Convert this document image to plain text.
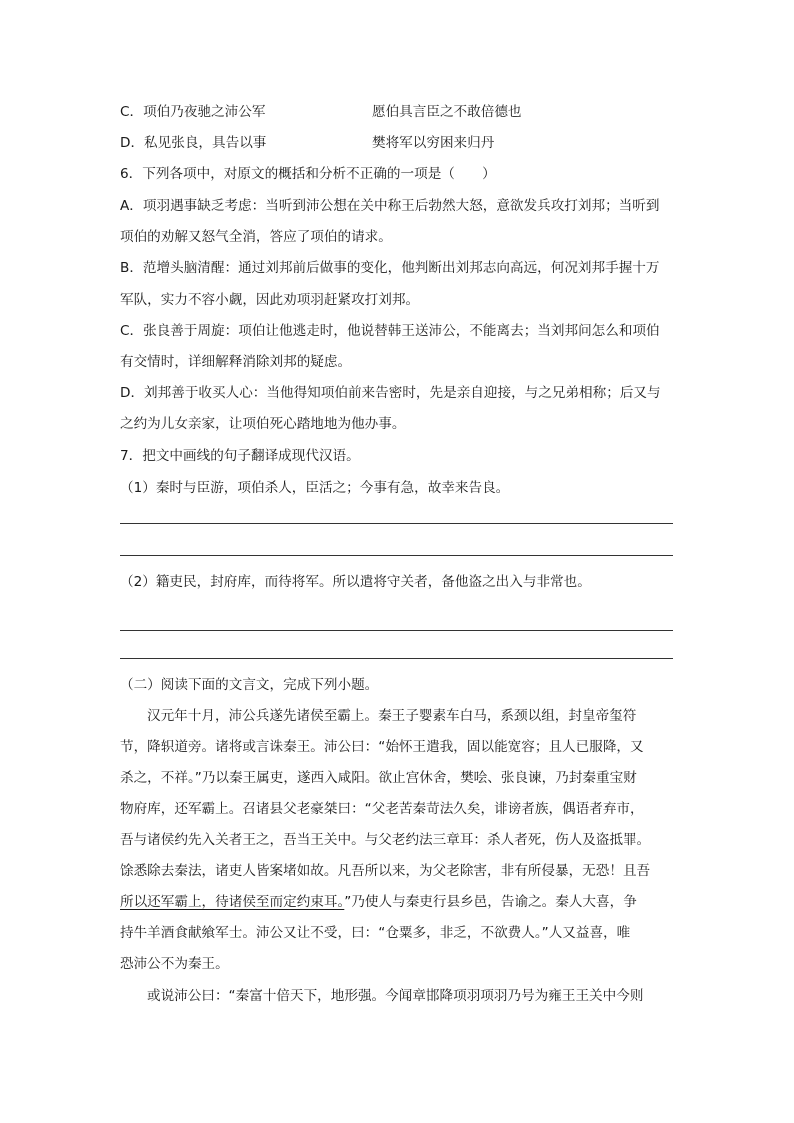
C．项伯乃夜驰之沛公军	愿伯具言臣之不敢倍德也
D．私见张良，具告以事	樊将军以穷困来归丹
6．下列各项中，对原文的概括和分析不正确的一项是（　　）
A．项羽遇事缺乏考虑：当听到沛公想在关中称王后勃然大怒，意欲发兵攻打刘邦；当听到
项伯的劝解又怒气全消，答应了项伯的请求。
B．范增头脑清醒：通过刘邦前后做事的变化，他判断出刘邦志向高远，何况刘邦手握十万
军队，实力不容小觑，因此劝项羽赶紧攻打刘邦。
C．张良善于周旋：项伯让他逃走时，他说替韩王送沛公，不能离去；当刘邦问怎么和项伯
有交情时，详细解释消除刘邦的疑虑。
D．刘邦善于收买人心：当他得知项伯前来告密时，先是亲自迎接，与之兄弟相称；后又与
之约为儿女亲家，让项伯死心踏地地为他办事。
7．把文中画线的句子翻译成现代汉语。
（1）秦时与臣游，项伯杀人，臣活之；今事有急，故幸来告良。
（2）籍吏民，封府库，而待将军。所以遣将守关者，备他盗之出入与非常也。
（二）阅读下面的文言文，完成下列小题。
汉元年十月，沛公兵遂先诸侯至霸上。秦王子婴素车白马，系颈以组，封皇帝玺符
节，降轵道旁。诸将或言诛秦王。沛公曰：“始怀王遣我，固以能宽容；且人已服降，又
杀之，不祥。”乃以秦王属吏，遂西入咸阳。欲止宫休舍，樊哙、张良谏，乃封秦重宝财
物府库，还军霸上。召诸县父老豪桀曰：“父老苦秦苛法久矣，诽谤者族，偶语者弃市，
吾与诸侯约先入关者王之，吾当王关中。与父老约法三章耳：杀人者死，伤人及盗抵罪。
馀悉除去秦法，诸吏人皆案堵如故。凡吾所以来，为父老除害，非有所侵暴，无恐！且吾
所以还军霸上，待诸侯至而定约束耳。”乃使人与秦吏行县乡邑，告谕之。秦人大喜，争
持牛羊酒食献飨军士。沛公又让不受，曰：“仓粟多，非乏，不欲费人。”人又益喜，唯
恐沛公不为秦王。
或说沛公曰：“秦富十倍天下，地形强。今闻章邯降项羽项羽乃号为雍王王关中今则
